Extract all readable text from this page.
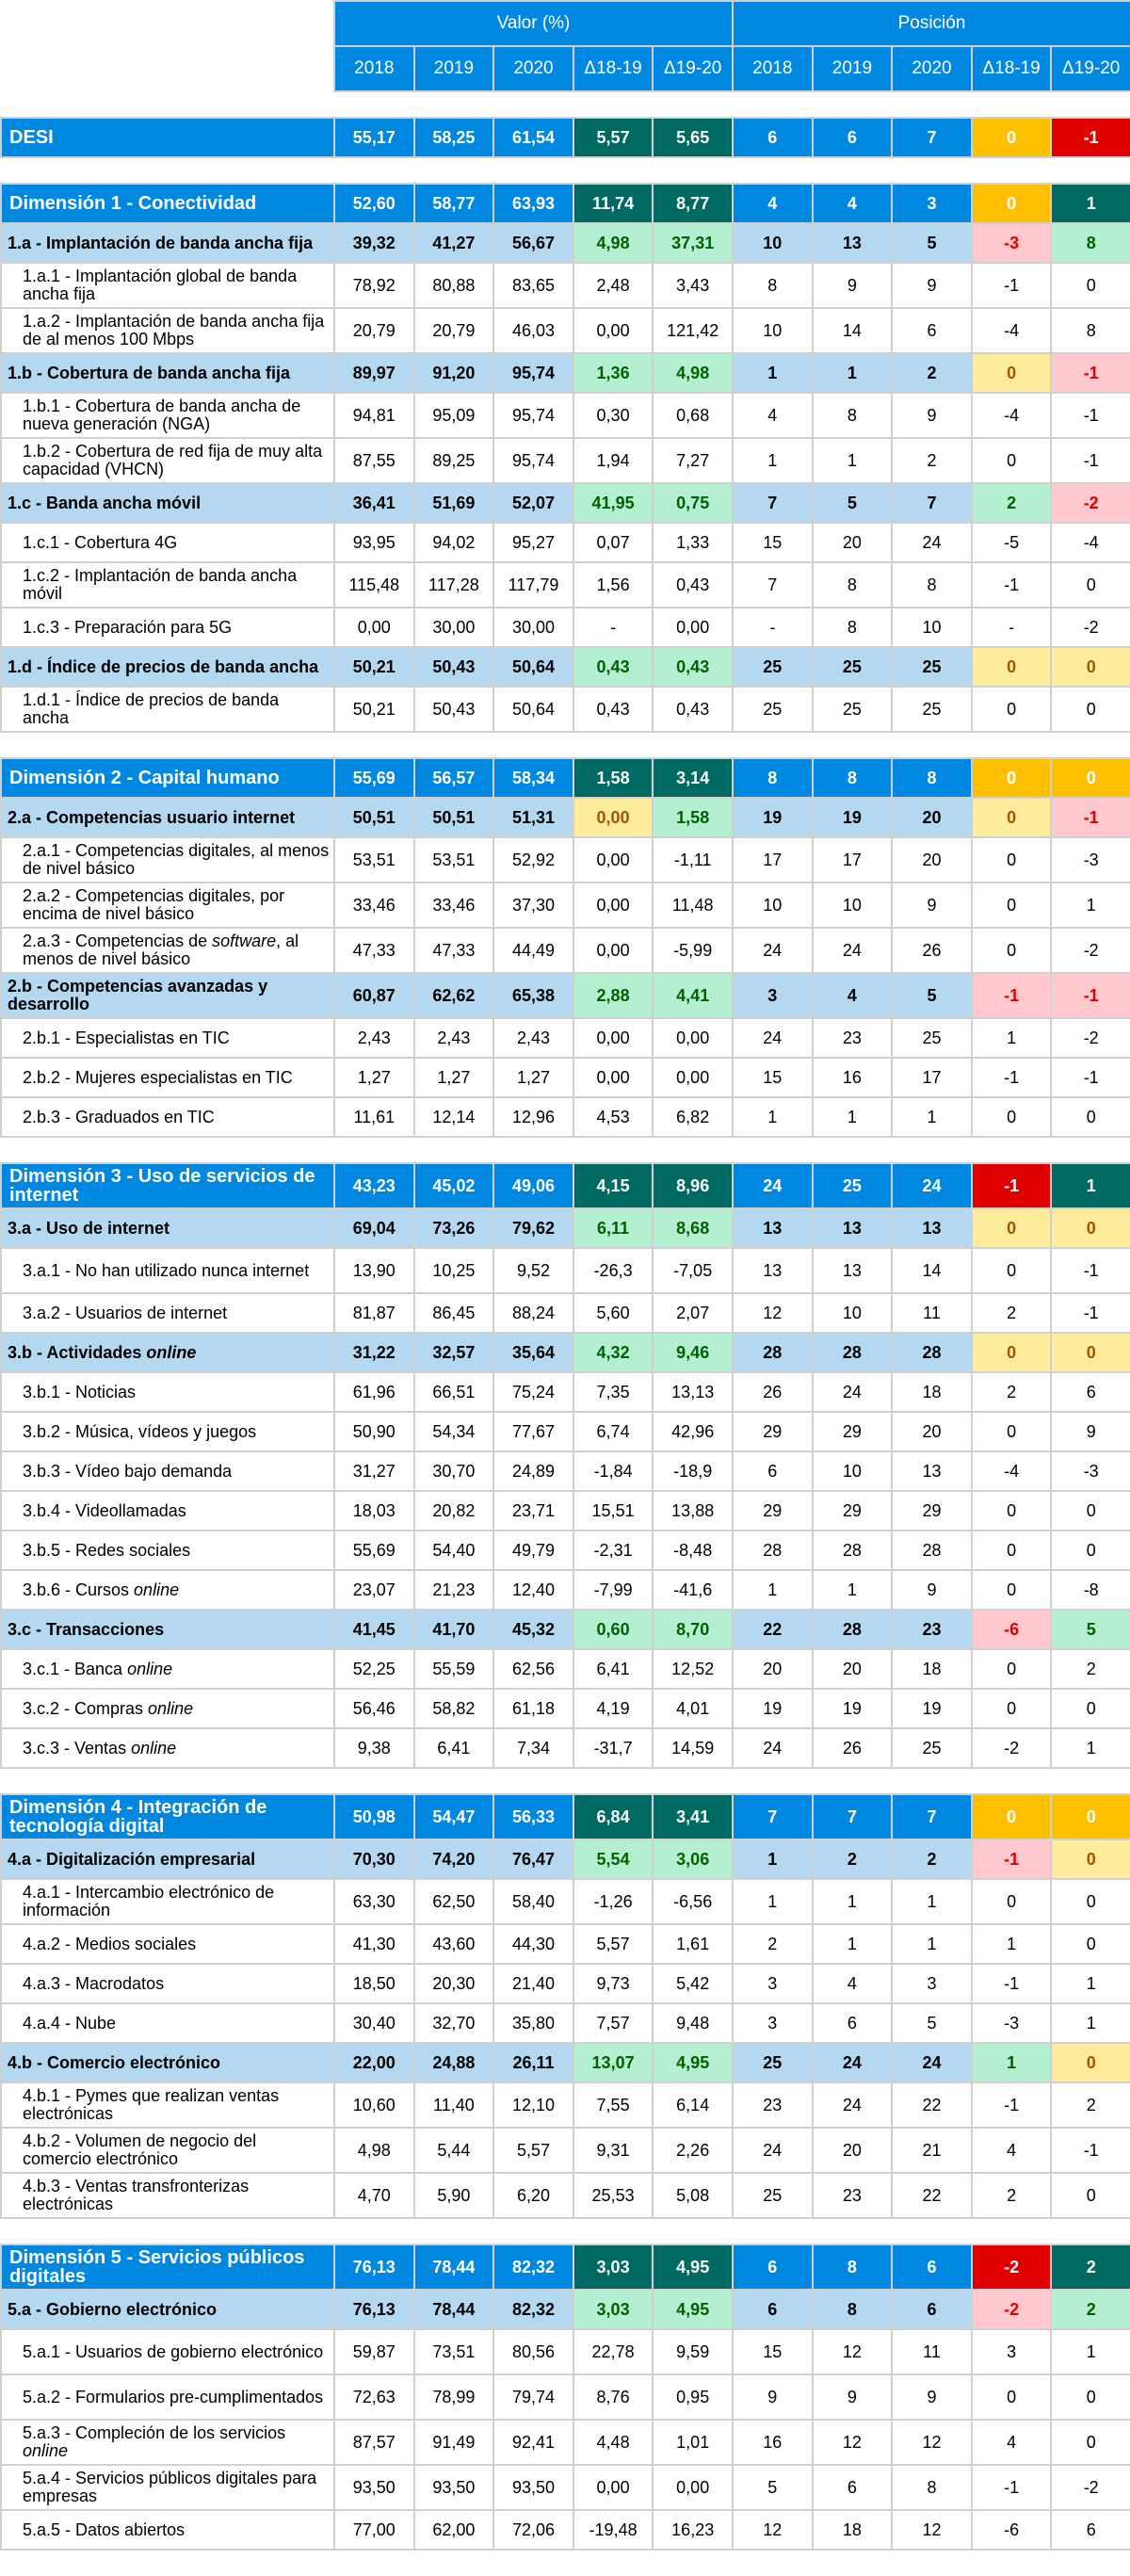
	Valor (%)					Posición				
	2018	2019	2020	Δ18-19	Δ19-20	2018	2019	2020	Δ18-19	Δ19-20

DESI	55,17	58,25	61,54	5,57	5,65	6	6	7	0	-1

Dimensión 1 - Conectividad	52,60	58,77	63,93	11,74	8,77	4	4	3	0	1
1.a - Implantación de banda ancha fija	39,32	41,27	56,67	4,98	37,31	10	13	5	-3	8
1.a.1 - Implantación global de banda ancha fija	78,92	80,88	83,65	2,48	3,43	8	9	9	-1	0
1.a.2 - Implantación de banda ancha fija de al menos 100 Mbps	20,79	20,79	46,03	0,00	121,42	10	14	6	-4	8
1.b - Cobertura de banda ancha fija	89,97	91,20	95,74	1,36	4,98	1	1	2	0	-1
1.b.1 - Cobertura de banda ancha de nueva generación (NGA)	94,81	95,09	95,74	0,30	0,68	4	8	9	-4	-1
1.b.2 - Cobertura de red fija de muy alta capacidad (VHCN)	87,55	89,25	95,74	1,94	7,27	1	1	2	0	-1
1.c - Banda ancha móvil	36,41	51,69	52,07	41,95	0,75	7	5	7	2	-2
1.c.1 - Cobertura 4G	93,95	94,02	95,27	0,07	1,33	15	20	24	-5	-4
1.c.2 - Implantación de banda ancha móvil	115,48	117,28	117,79	1,56	0,43	7	8	8	-1	0
1.c.3 - Preparación para 5G	0,00	30,00	30,00	-	0,00	-	8	10	-	-2
1.d - Índice de precios de banda ancha	50,21	50,43	50,64	0,43	0,43	25	25	25	0	0
1.d.1 - Índice de precios de banda ancha	50,21	50,43	50,64	0,43	0,43	25	25	25	0	0

Dimensión 2 - Capital humano	55,69	56,57	58,34	1,58	3,14	8	8	8	0	0
2.a - Competencias usuario internet	50,51	50,51	51,31	0,00	1,58	19	19	20	0	-1
2.a.1 - Competencias digitales, al menos de nivel básico	53,51	53,51	52,92	0,00	-1,11	17	17	20	0	-3
2.a.2 - Competencias digitales, por encima de nivel básico	33,46	33,46	37,30	0,00	11,48	10	10	9	0	1
2.a.3 - Competencias de software, al menos de nivel básico	47,33	47,33	44,49	0,00	-5,99	24	24	26	0	-2
2.b - Competencias avanzadas y desarrollo	60,87	62,62	65,38	2,88	4,41	3	4	5	-1	-1
2.b.1 - Especialistas en TIC	2,43	2,43	2,43	0,00	0,00	24	23	25	1	-2
2.b.2 - Mujeres especialistas en TIC	1,27	1,27	1,27	0,00	0,00	15	16	17	-1	-1
2.b.3 - Graduados en TIC	11,61	12,14	12,96	4,53	6,82	1	1	1	0	0

Dimensión 3 - Uso de servicios de internet	43,23	45,02	49,06	4,15	8,96	24	25	24	-1	1
3.a - Uso de internet	69,04	73,26	79,62	6,11	8,68	13	13	13	0	0
3.a.1 - No han utilizado nunca internet	13,90	10,25	9,52	-26,3	-7,05	13	13	14	0	-1
3.a.2 - Usuarios de internet	81,87	86,45	88,24	5,60	2,07	12	10	11	2	-1
3.b - Actividades online	31,22	32,57	35,64	4,32	9,46	28	28	28	0	0
3.b.1 - Noticias	61,96	66,51	75,24	7,35	13,13	26	24	18	2	6
3.b.2 - Música, vídeos y juegos	50,90	54,34	77,67	6,74	42,96	29	29	20	0	9
3.b.3 - Vídeo bajo demanda	31,27	30,70	24,89	-1,84	-18,9	6	10	13	-4	-3
3.b.4 - Videollamadas	18,03	20,82	23,71	15,51	13,88	29	29	29	0	0
3.b.5 - Redes sociales	55,69	54,40	49,79	-2,31	-8,48	28	28	28	0	0
3.b.6 - Cursos online	23,07	21,23	12,40	-7,99	-41,6	1	1	9	0	-8
3.c - Transacciones	41,45	41,70	45,32	0,60	8,70	22	28	23	-6	5
3.c.1 - Banca online	52,25	55,59	62,56	6,41	12,52	20	20	18	0	2
3.c.2 - Compras online	56,46	58,82	61,18	4,19	4,01	19	19	19	0	0
3.c.3 - Ventas online	9,38	6,41	7,34	-31,7	14,59	24	26	25	-2	1

Dimensión 4 - Integración de tecnología digital	50,98	54,47	56,33	6,84	3,41	7	7	7	0	0
4.a - Digitalización empresarial	70,30	74,20	76,47	5,54	3,06	1	2	2	-1	0
4.a.1 - Intercambio electrónico de información	63,30	62,50	58,40	-1,26	-6,56	1	1	1	0	0
4.a.2 - Medios sociales	41,30	43,60	44,30	5,57	1,61	2	1	1	1	0
4.a.3 - Macrodatos	18,50	20,30	21,40	9,73	5,42	3	4	3	-1	1
4.a.4 - Nube	30,40	32,70	35,80	7,57	9,48	3	6	5	-3	1
4.b - Comercio electrónico	22,00	24,88	26,11	13,07	4,95	25	24	24	1	0
4.b.1 - Pymes que realizan ventas electrónicas	10,60	11,40	12,10	7,55	6,14	23	24	22	-1	2
4.b.2 - Volumen de negocio del comercio electrónico	4,98	5,44	5,57	9,31	2,26	24	20	21	4	-1
4.b.3 - Ventas transfronterizas electrónicas	4,70	5,90	6,20	25,53	5,08	25	23	22	2	0

Dimensión 5 - Servicios públicos digitales	76,13	78,44	82,32	3,03	4,95	6	8	6	-2	2
5.a - Gobierno electrónico	76,13	78,44	82,32	3,03	4,95	6	8	6	-2	2
5.a.1 - Usuarios de gobierno electrónico	59,87	73,51	80,56	22,78	9,59	15	12	11	3	1
5.a.2 - Formularios pre-cumplimentados	72,63	78,99	79,74	8,76	0,95	9	9	9	0	0
5.a.3 - Compleción de los servicios online	87,57	91,49	92,41	4,48	1,01	16	12	12	4	0
5.a.4 - Servicios públicos digitales para empresas	93,50	93,50	93,50	0,00	0,00	5	6	8	-1	-2
5.a.5 - Datos abiertos	77,00	62,00	72,06	-19,48	16,23	12	18	12	-6	6
